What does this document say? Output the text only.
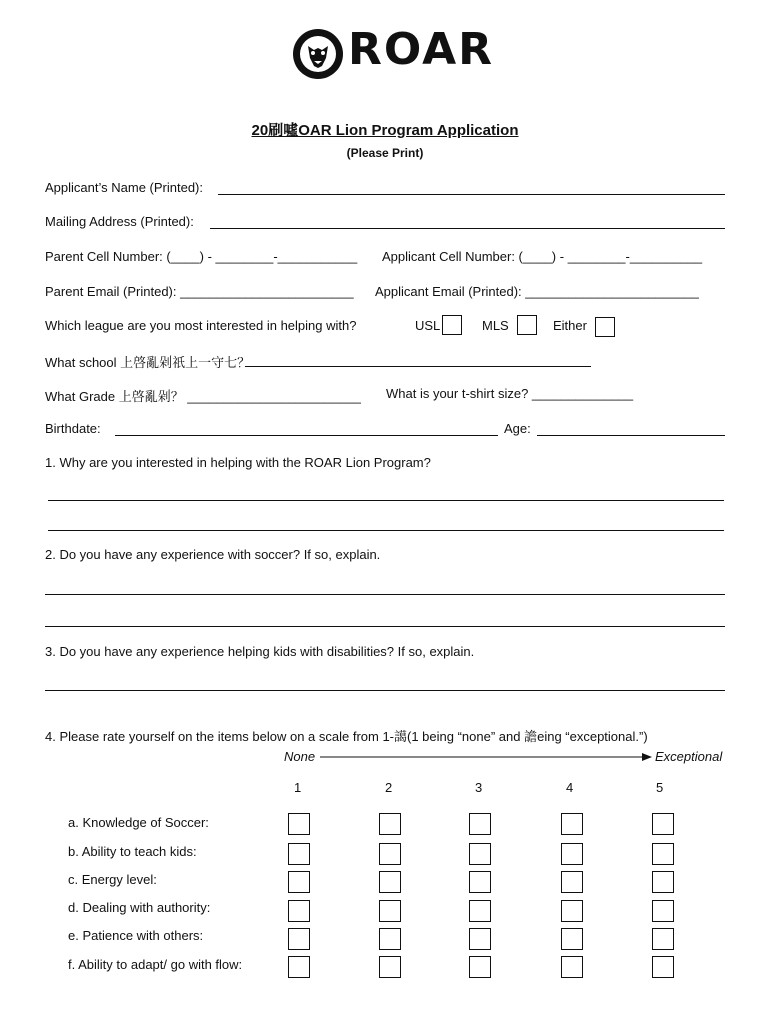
ROAR
20刷噓OAR Lion Program Application
(Please Print)
Applicant’s Name (Printed):
Mailing Address (Printed):
Parent Cell Number: (____) - ________-___________ Applicant Cell Number: (____) - ________-__________
Parent Email (Printed): ________________________ Applicant Email (Printed): ________________________
Which league are you most interested in helping with?	USL	MLS	Either
What school 上啓亂剁祇上一守七？
What Grade 上啓亂剁？ ________________________ What is your t-shirt size? ______________
Birthdate:	Age:
1. Why are you interested in helping with the ROAR Lion Program?
2. Do you have any experience with soccer? If so, explain.
3. Do you have any experience helping kids with disabilities? If so, explain.
4. Please rate yourself on the items below on a scale from 1-譪(1 being “none” and 譫eing “exceptional.”)
None	Exceptional
1	2	3	4	5
a. Knowledge of Soccer:
b. Ability to teach kids:
c. Energy level:
d. Dealing with authority:
e. Patience with others:
f. Ability to adapt/ go with flow:
